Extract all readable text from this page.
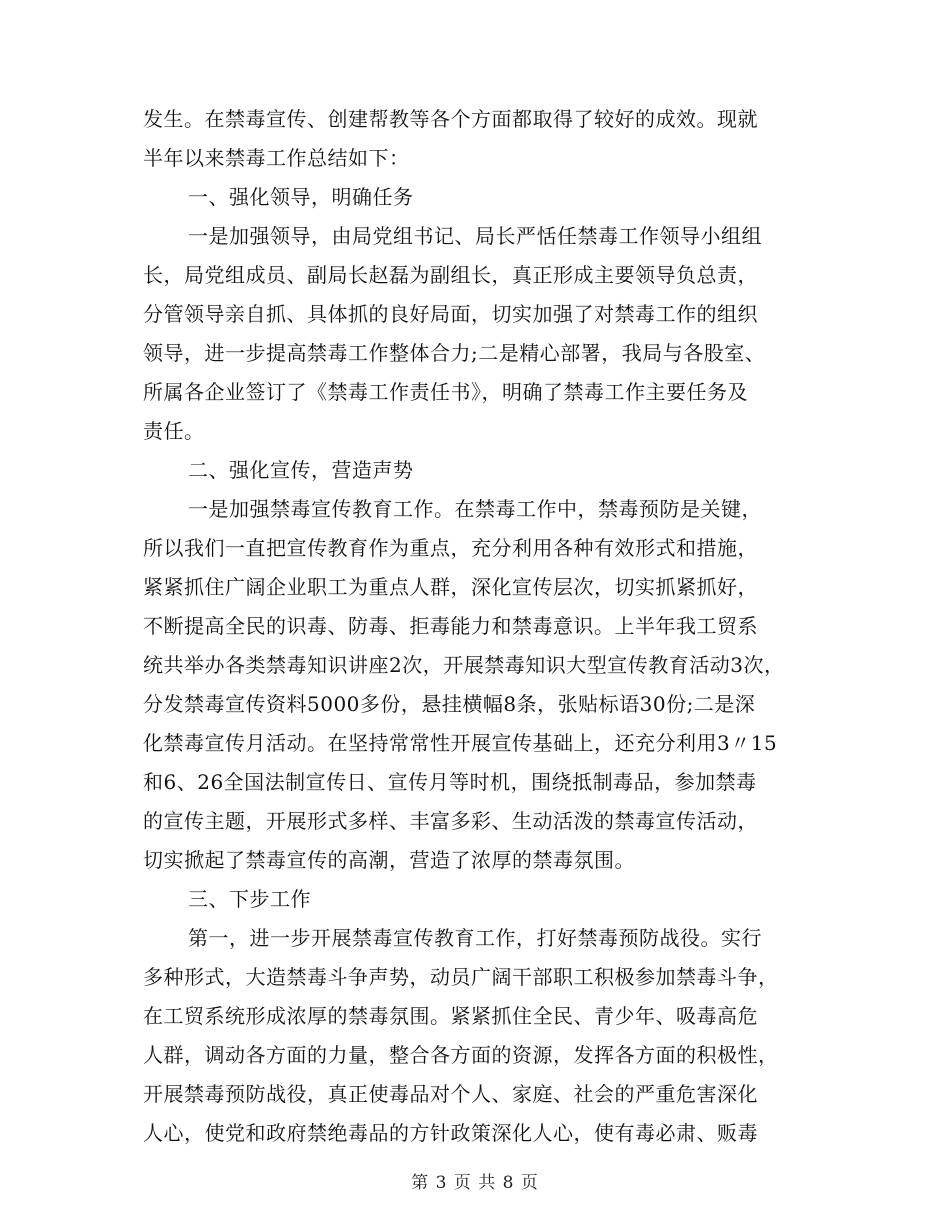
发生。在禁毒宣传、创建帮教等各个方面都取得了较好的成效。现就
半年以来禁毒工作总结如下：
一、强化领导，明确任务
一是加强领导，由局党组书记、局长严恬任禁毒工作领导小组组
长，局党组成员、副局长赵磊为副组长，真正形成主要领导负总责，
分管领导亲自抓、具体抓的良好局面，切实加强了对禁毒工作的组织
领导，进一步提高禁毒工作整体合力;二是精心部署，我局与各股室、
所属各企业签订了《禁毒工作责任书》，明确了禁毒工作主要任务及
责任。
二、强化宣传，营造声势
一是加强禁毒宣传教育工作。在禁毒工作中，禁毒预防是关键，
所以我们一直把宣传教育作为重点，充分利用各种有效形式和措施，
紧紧抓住广阔企业职工为重点人群，深化宣传层次，切实抓紧抓好，
不断提高全民的识毒、防毒、拒毒能力和禁毒意识。上半年我工贸系
统共举办各类禁毒知识讲座2次，开展禁毒知识大型宣传教育活动3次，
分发禁毒宣传资料5000多份，悬挂横幅8条，张贴标语30份;二是深
化禁毒宣传月活动。在坚持常常性开展宣传基础上，还充分利用3〃15
和6、26全国法制宣传日、宣传月等时机，围绕抵制毒品，参加禁毒
的宣传主题，开展形式多样、丰富多彩、生动活泼的禁毒宣传活动，
切实掀起了禁毒宣传的高潮，营造了浓厚的禁毒氛围。
三、下步工作
第一，进一步开展禁毒宣传教育工作，打好禁毒预防战役。实行
多种形式，大造禁毒斗争声势，动员广阔干部职工积极参加禁毒斗争，
在工贸系统形成浓厚的禁毒氛围。紧紧抓住全民、青少年、吸毒高危
人群，调动各方面的力量，整合各方面的资源，发挥各方面的积极性，
开展禁毒预防战役，真正使毒品对个人、家庭、社会的严重危害深化
人心，使党和政府禁绝毒品的方针政策深化人心，使有毒必肃、贩毒
第 3 页 共 8 页
